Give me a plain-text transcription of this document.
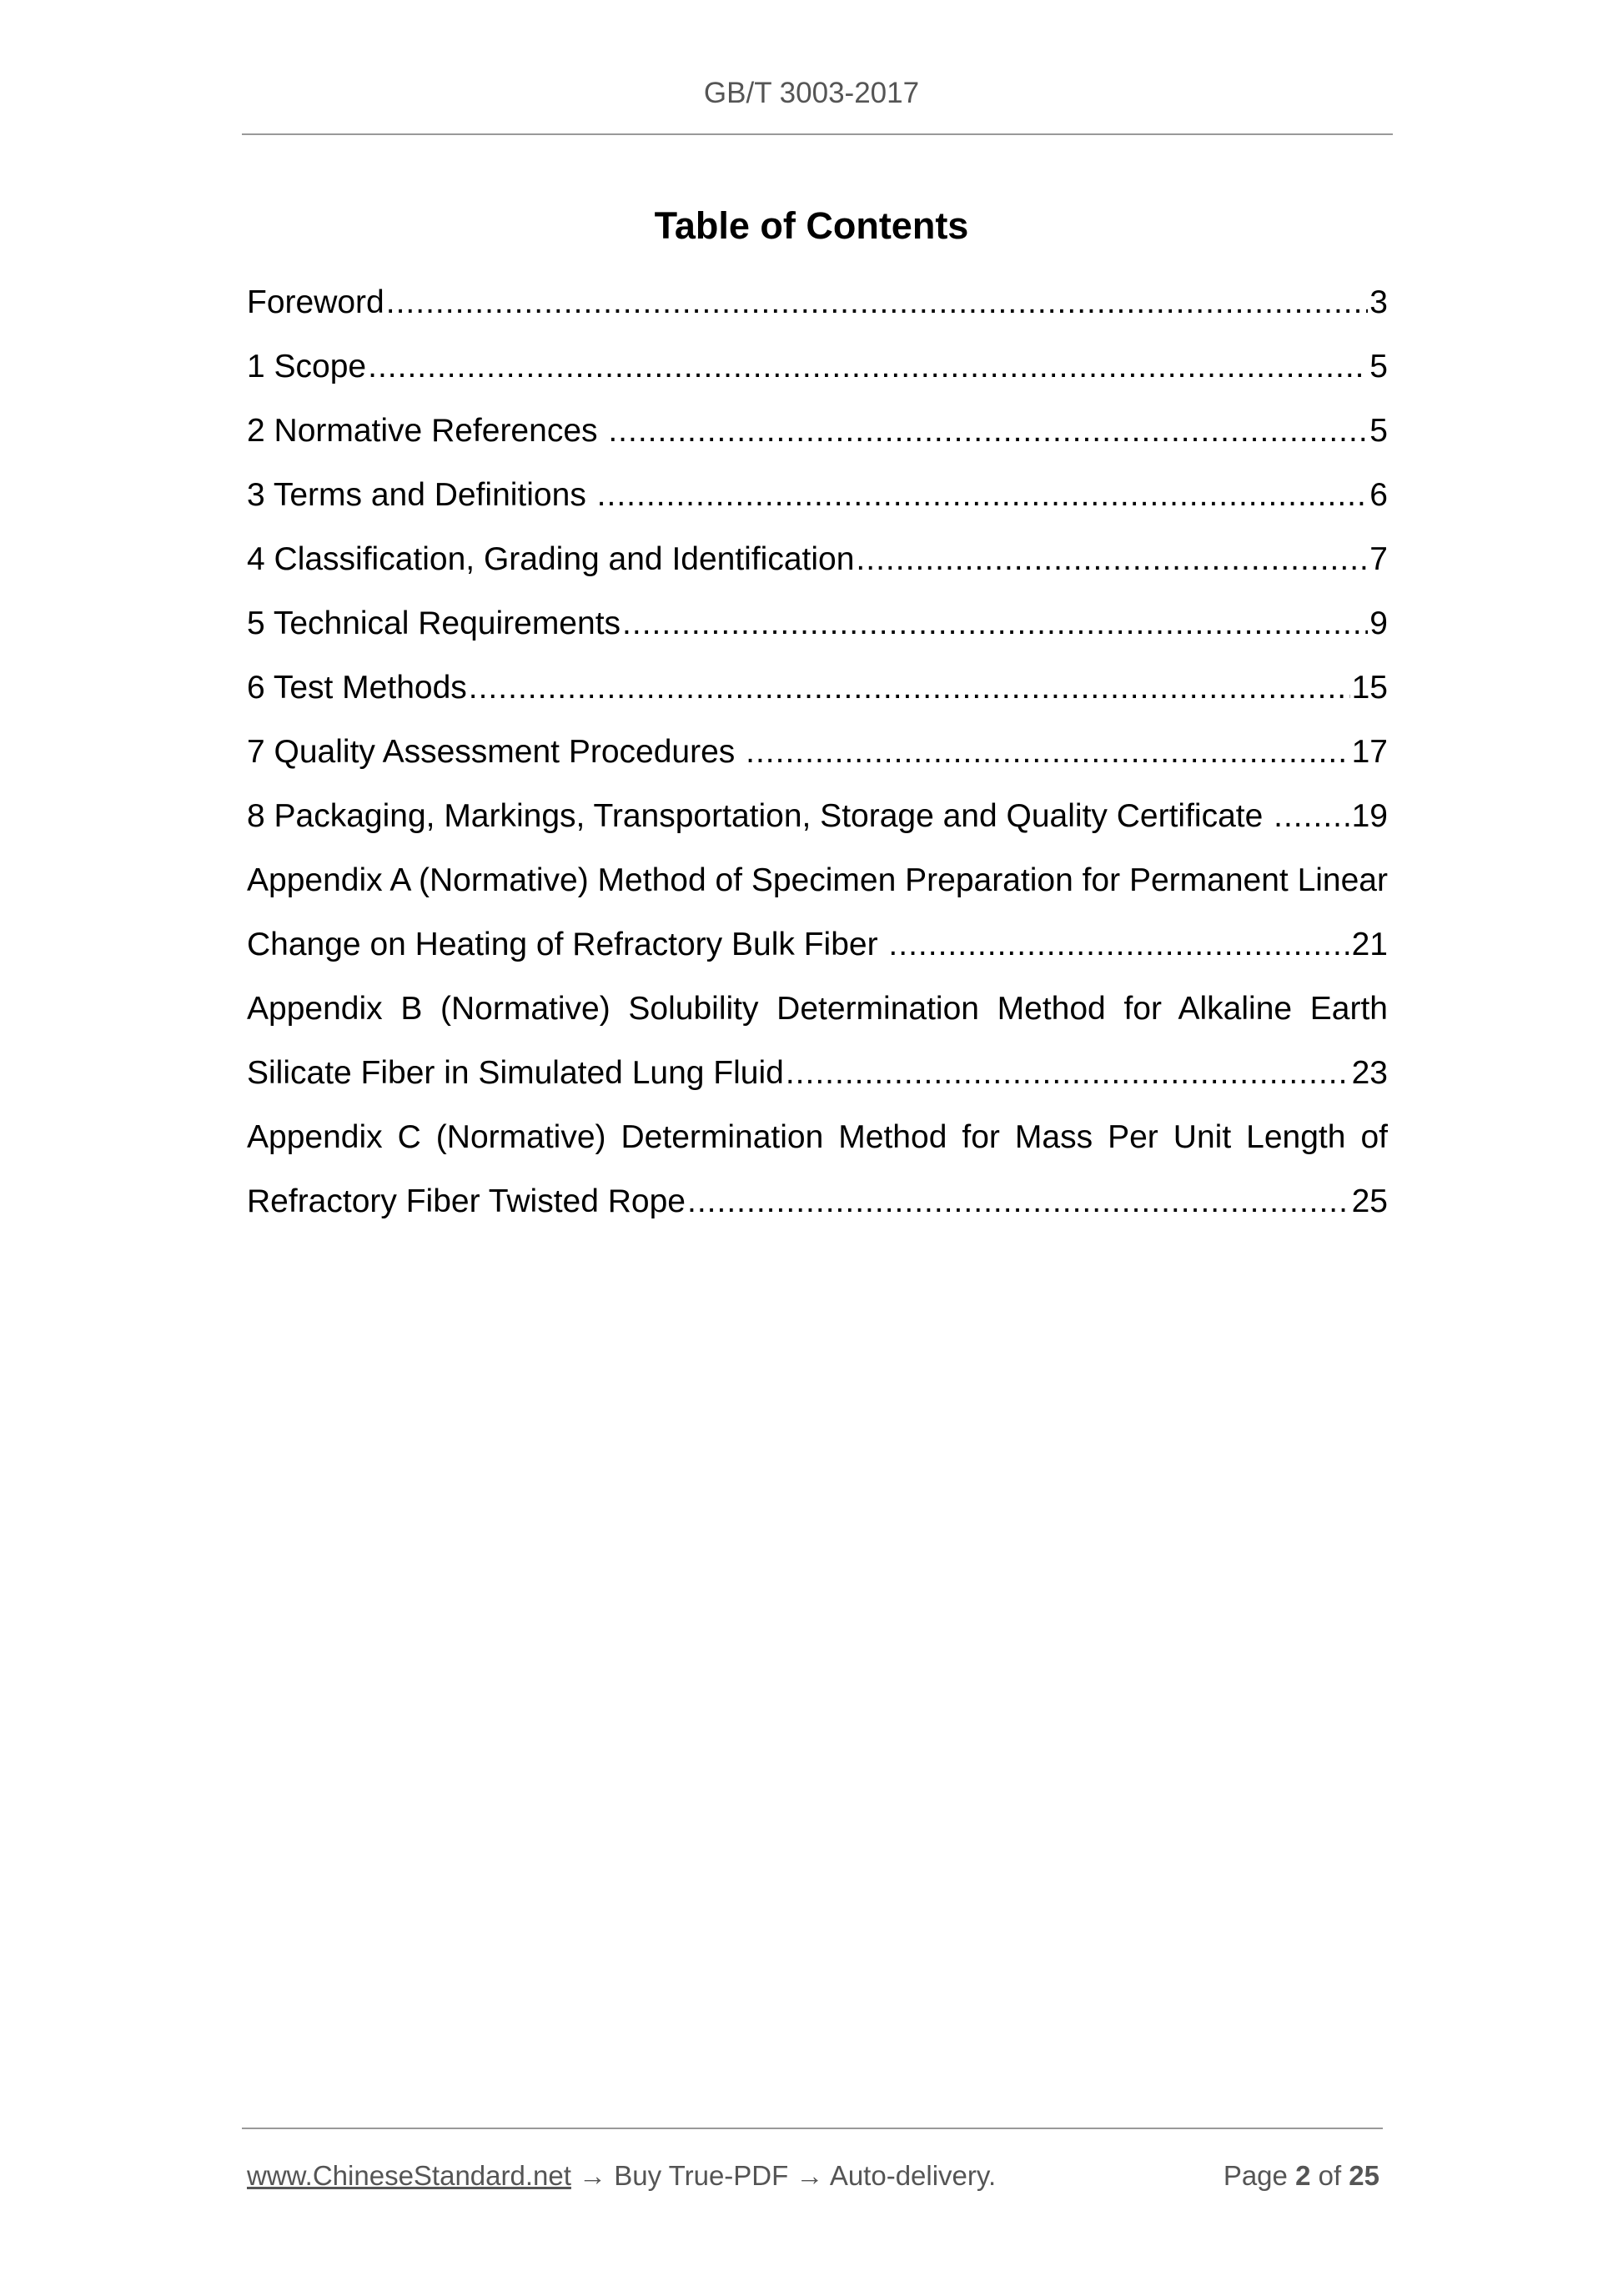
GB/T 3003-2017
Table of Contents
Foreword .....	3
1 Scope .....	5
2 Normative References .....	5
3 Terms and Definitions .....	6
4 Classification, Grading and Identification .....	7
5 Technical Requirements .....	9
6 Test Methods .....	15
7 Quality Assessment Procedures .....	17
8 Packaging, Markings, Transportation, Storage and Quality Certificate ..... 19
Appendix A (Normative) Method of Specimen Preparation for Permanent Linear
Change on Heating of Refractory Bulk Fiber .....	21
Appendix B (Normative) Solubility Determination Method for Alkaline Earth
Silicate Fiber in Simulated Lung Fluid .....	23
Appendix C (Normative) Determination Method for Mass Per Unit Length of
Refractory Fiber Twisted Rope .....	25
www.ChineseStandard.net → Buy True-PDF → Auto-delivery.	Page 2 of 25
